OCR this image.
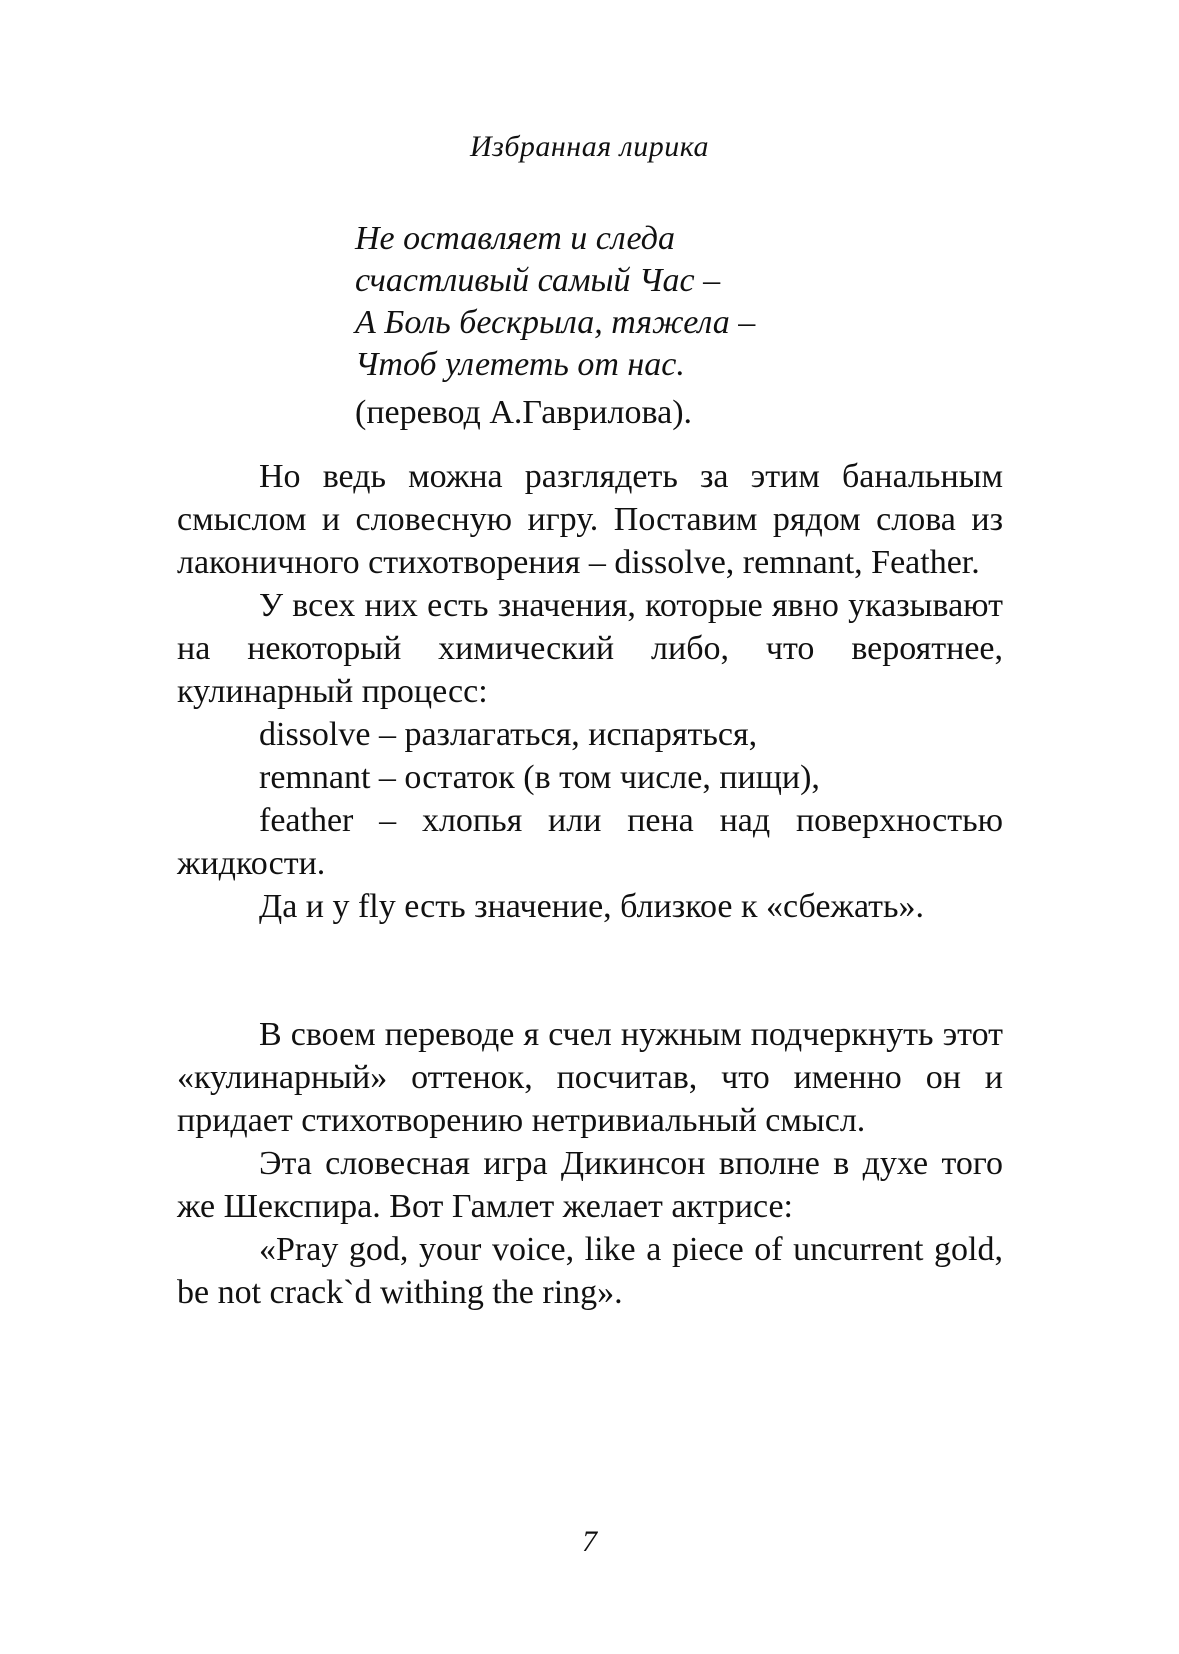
Избранная лирика
Не оставляет и следа
счастливый самый Час –
А Боль бескрыла, тяжела –
Чтоб улететь от нас.
(перевод А.Гаврилова).

Но ведь можна разглядеть за этим банальным смыслом и словесную игру. Поставим рядом слова из лаконичного стихотворения – dissolve, remnant, Feather.

У всех них есть значения, которые явно указывают на некоторый химический либо, что вероятнее, кулинарный процесс:

dissolve – разлагаться, испаряться,

remnant – остаток (в том числе, пищи),

feather – хлопья или пена над поверхностью жидкости.

Да и у fly есть значение, близкое к «сбежать».

В своем переводе я счел нужным подчеркнуть этот «кулинарный» оттенок, посчитав, что именно он и придает стихотворению нетривиальный смысл.

Эта словесная игра Дикинсон вполне в духе того же Шекспира. Вот Гамлет желает актрисе:

«Pray god, your voice, like a piece of uncurrent gold, be not crack`d withing the ring».

7
